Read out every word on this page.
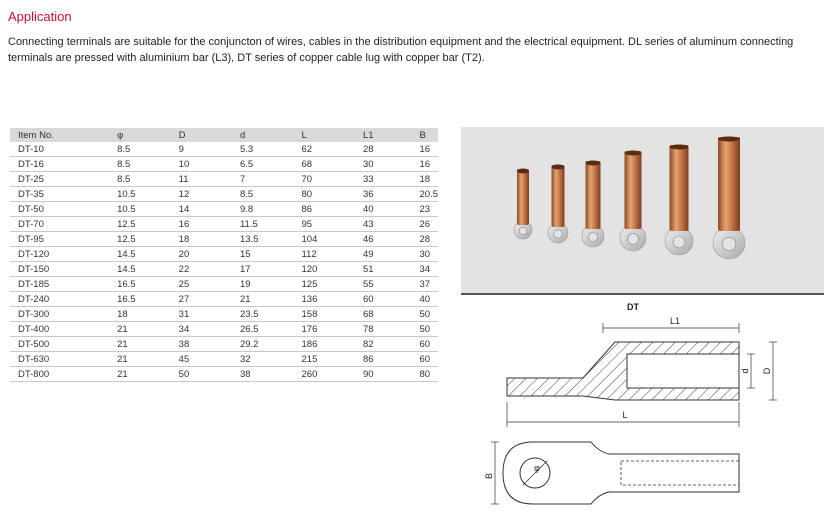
Application

Connecting terminals are suitable for the conjuncton of wires, cables in the distribution equipment and the electrical equipment. DL series of aluminum connecting terminals are pressed with aluminium bar (L3), DT series of copper cable lug with copper bar (T2).

Item No.	φ	D	d	L	L1	B
DT-10	8.5	9	5.3	62	28	16
DT-16	8.5	10	6.5	68	30	16
DT-25	8.5	11	7	70	33	18
DT-35	10.5	12	8.5	80	36	20.5
DT-50	10.5	14	9.8	86	40	23
DT-70	12.5	16	11.5	95	43	26
DT-95	12.5	18	13.5	104	46	28
DT-120	14.5	20	15	112	49	30
DT-150	14.5	22	17	120	51	34
DT-185	16.5	25	19	125	55	37
DT-240	16.5	27	21	136	60	40
DT-300	18	31	23.5	158	68	50
DT-400	21	34	26.5	176	78	50
DT-500	21	38	29.2	186	82	60
DT-630	21	45	32	215	86	60
DT-800	21	50	38	260	90	80
DT
L1
d D
L
φ
B
